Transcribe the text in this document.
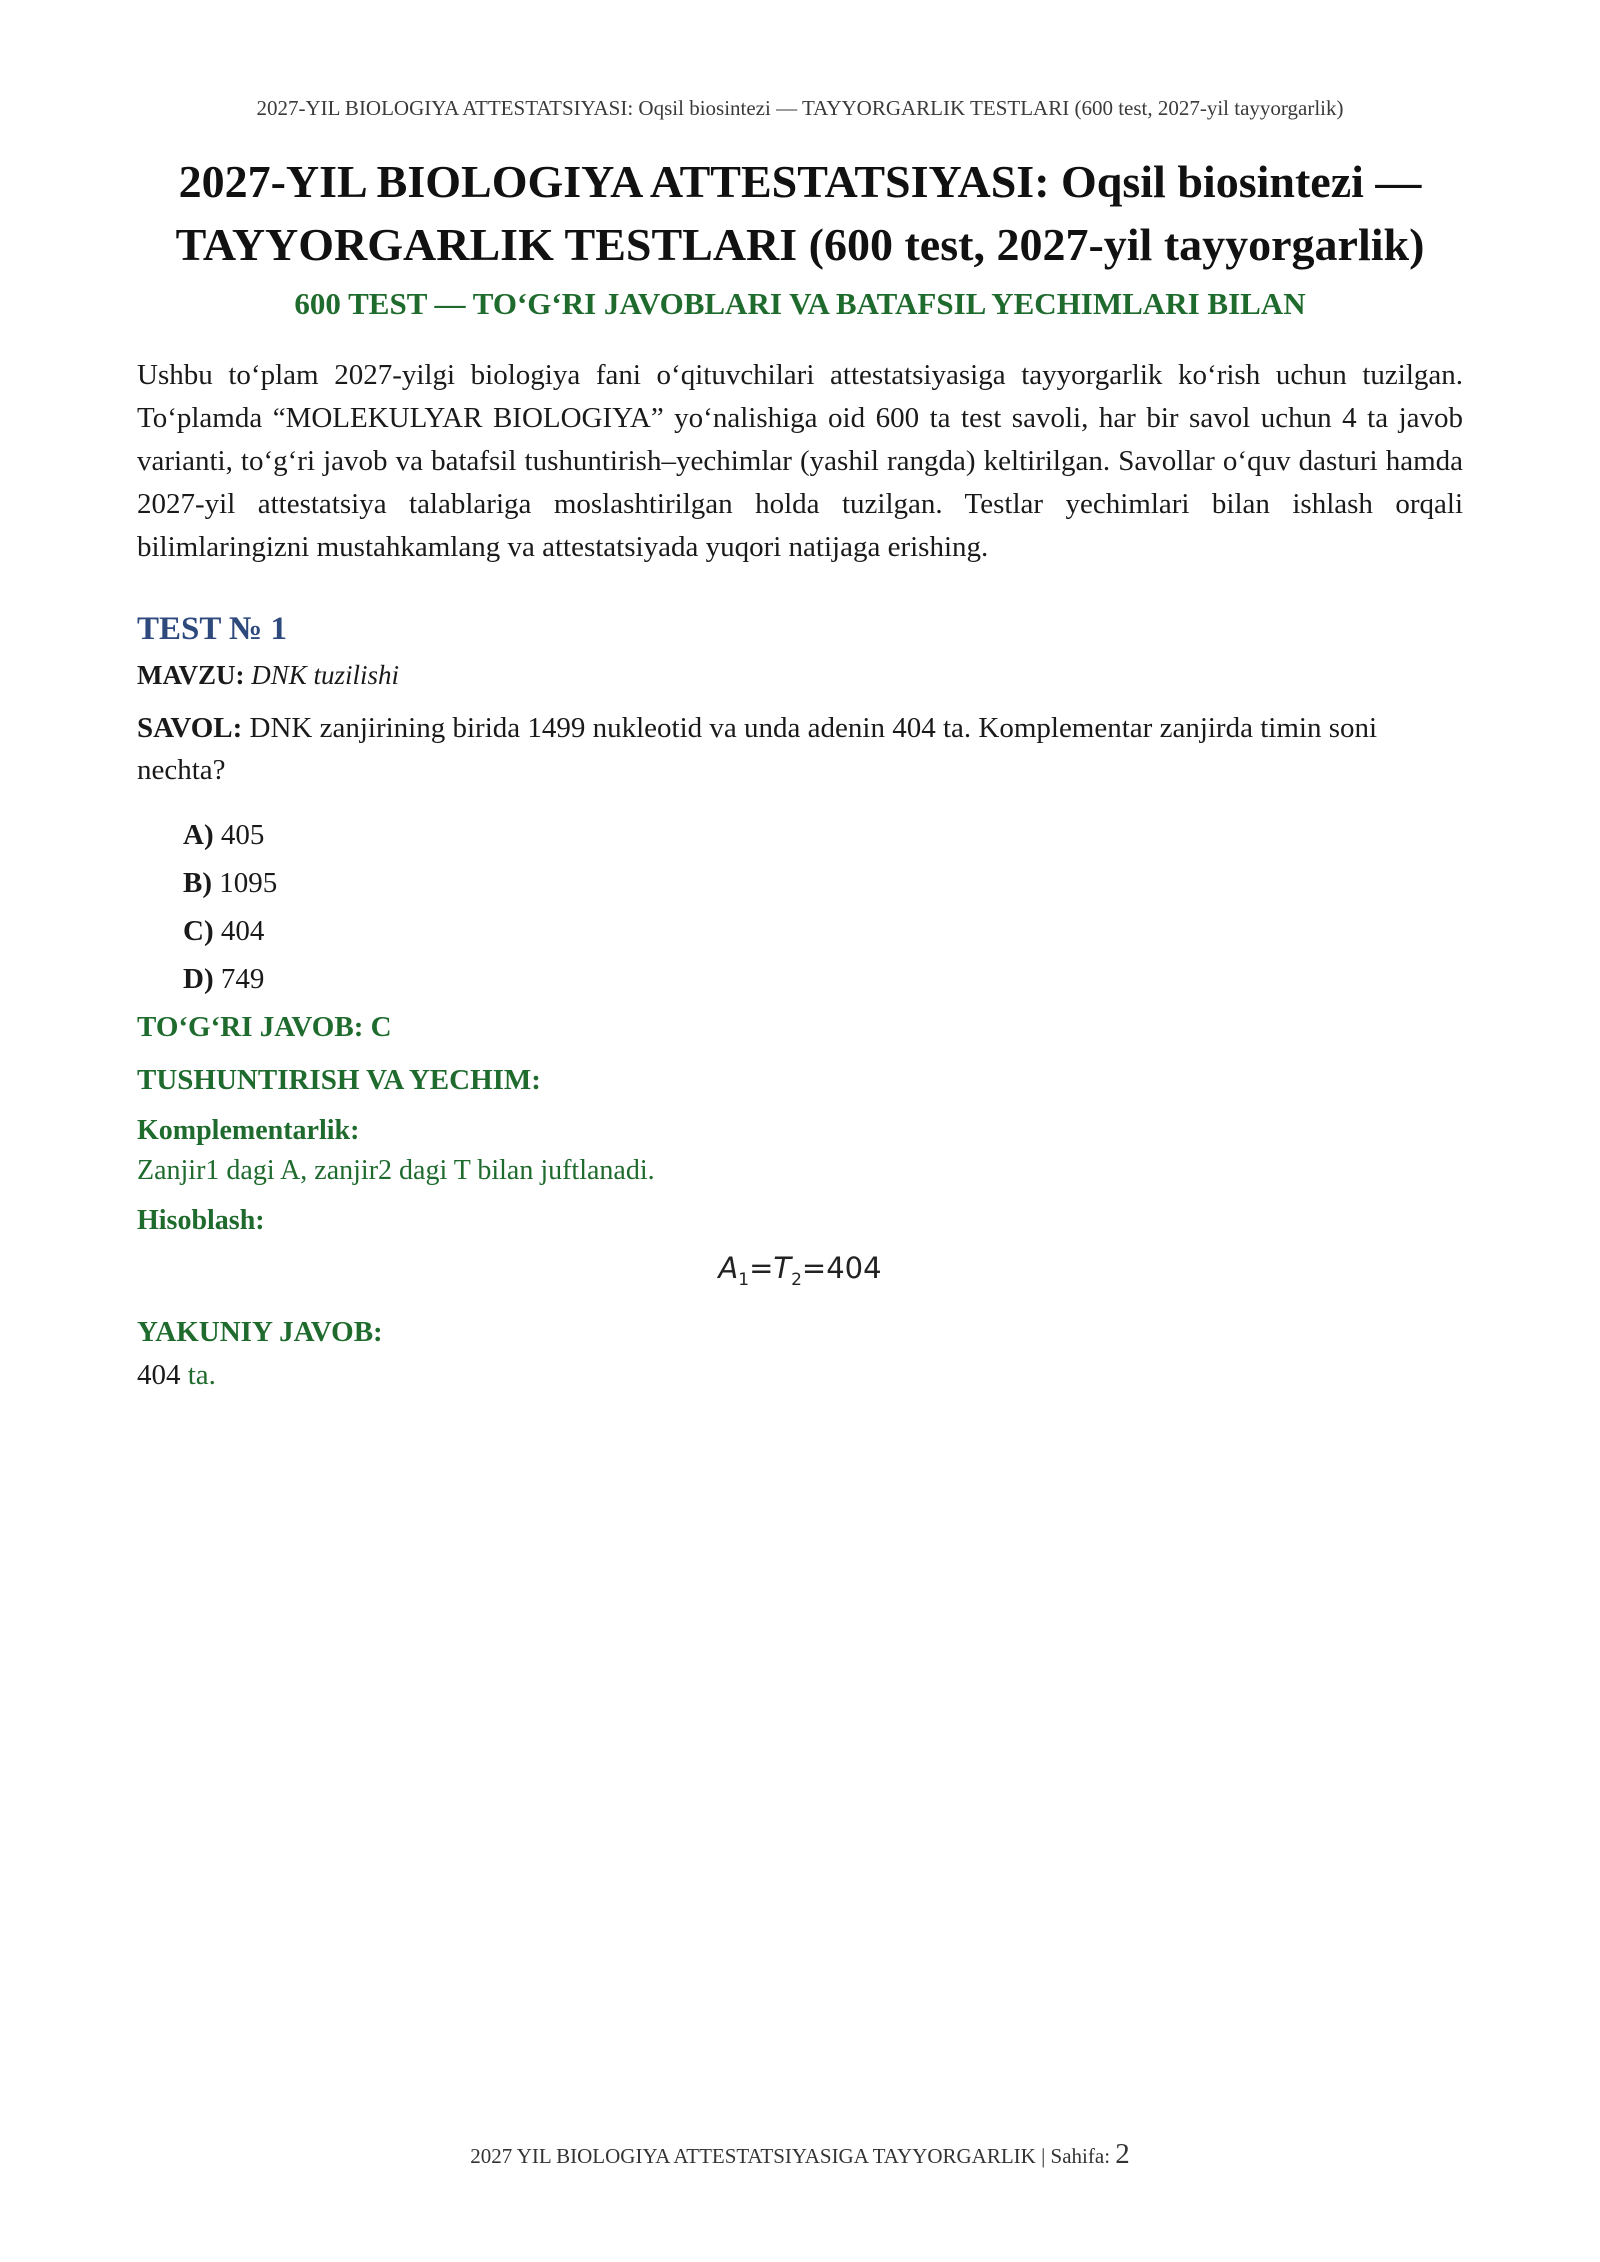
2027-YIL BIOLOGIYA ATTESTATSIYASI: Oqsil biosintezi — TAYYORGARLIK TESTLARI (600 test, 2027-yil tayyorgarlik)
2027-YIL BIOLOGIYA ATTESTATSIYASI: Oqsil biosintezi — TAYYORGARLIK TESTLARI (600 test, 2027-yil tayyorgarlik)
600 TEST — TO‘G‘RI JAVOBLARI VA BATAFSIL YECHIMLARI BILAN

Ushbu to‘plam 2027-yilgi biologiya fani o‘qituvchilari attestatsiyasiga tayyorgarlik ko‘rish uchun tuzilgan. To‘plamda “MOLEKULYAR BIOLOGIYA” yo‘nalishiga oid 600 ta test savoli, har bir savol uchun 4 ta javob varianti, to‘g‘ri javob va batafsil tushuntirish–yechimlar (yashil rangda) keltirilgan. Savollar o‘quv dasturi hamda 2027-yil attestatsiya talablariga moslashtirilgan holda tuzilgan. Testlar yechimlari bilan ishlash orqali bilimlaringizni mustahkamlang va attestatsiyada yuqori natijaga erishing.

TEST № 1
MAVZU: DNK tuzilishi
SAVOL: DNK zanjirining birida 1499 nukleotid va unda adenin 404 ta. Komplementar zanjirda timin soni nechta?
A) 405
B) 1095
C) 404
D) 749
TO‘G‘RI JAVOB: C
TUSHUNTIRISH VA YECHIM:
Komplementarlik:
Zanjir1 dagi A, zanjir2 dagi T bilan juftlanadi.
Hisoblash:
$A_1=T_2=404$
YAKUNIY JAVOB:
404 ta.
2027 YIL BIOLOGIYA ATTESTATSIYASIGA TAYYORGARLIK | Sahifa: 2
